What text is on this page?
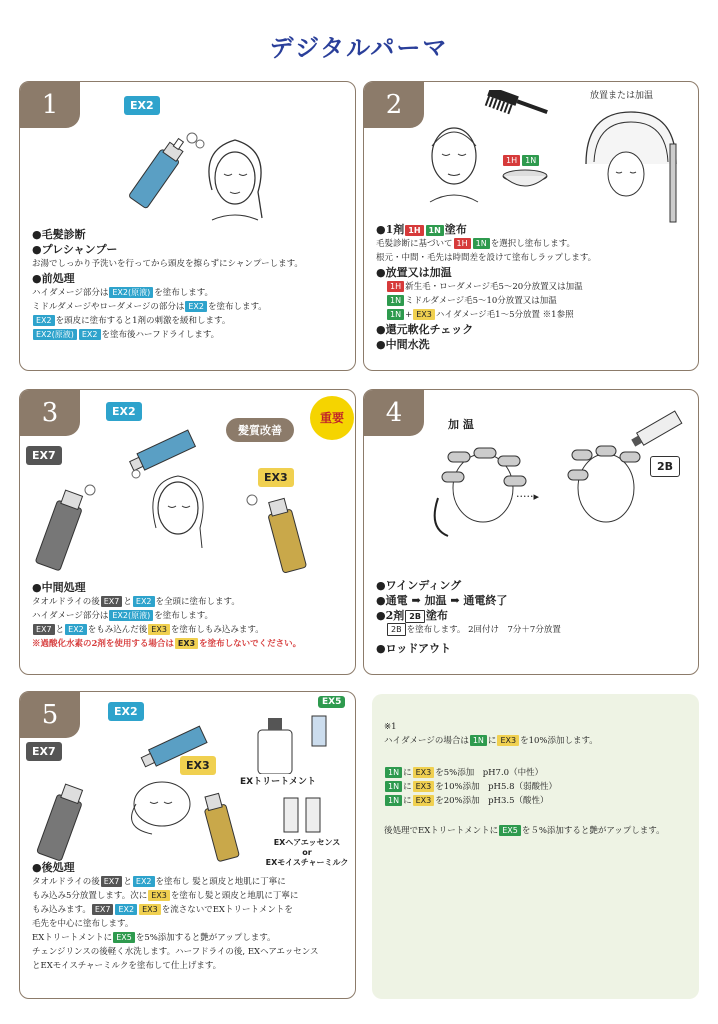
デジタルパーマ
1	EX2
●毛髪診断
●プレシャンプー
お湯でしっかり予洗いを行ってから頭皮を擦らずにシャンプーします。
●前処理
ハイダメージ部分は EX2(原液) を塗布します。
ミドルダメージやローダメージの部分は EX2 を塗布します。
EX2 を頭皮に塗布すると1剤の刺激を緩和します。
EX2(原液) EX2 を塗布後ハーフドライします。
2	放置または加温
1H 1N
●1剤 1H 1N 塗布
毛髪診断に基づいて 1H 1N を選択し塗布します。
根元・中間・毛先は時間差を設けて塗布しラップします。
●放置又は加温
1H 新生毛・ローダメージ毛5〜20分放置又は加温
1N ミドルダメージ毛5〜10分放置又は加温
1N + EX3 ハイダメージ毛1〜5分放置 ※1参照
●還元軟化チェック
●中間水洗
3	EX2
EX7
EX3
髪質改善
重要
●中間処理
タオルドライの後 EX7 と EX2 を全頭に塗布します。
ハイダメージ部分は EX2(原液) を塗布します。
EX7 と EX2 をもみ込んだ後 EX3 を塗布しもみ込みます。
※過酸化水素の2剤を使用する場合は EX3 を塗布しないでください。
4	加 温
·····▸
2B
●ワインディング
●通電 ➡ 加温 ➡ 通電終了
●2剤 2B 塗布
2B を塗布します。 2回付け　7分＋7分放置
●ロッドアウト
5	EX2
EX7
EX3
EX5
EXトリートメント
EXヘアエッセンス
or
EXモイスチャーミルク
●後処理
タオルドライの後 EX7 と EX2 を塗布し 髪と頭皮と地肌に丁寧に
もみ込み5分放置します。次に EX3 を塗布し髪と頭皮と地肌に丁寧に
もみ込みます。 EX7 EX2 EX3 を流さないでEXトリートメントを
毛先を中心に塗布します。
EXトリートメントに EX5 を5%添加すると艶がアップします。
チェンジリンスの後軽く水洗します。ハーフドライの後, EXヘアエッセンス
とEXモイスチャーミルクを塗布して仕上げます。
※1
ハイダメージの場合は 1N に EX3 を10%添加します。
1N に EX3 を5%添加　pH7.0（中性）
1N に EX3 を10%添加　pH5.8（弱酸性）
1N に EX3 を20%添加　pH3.5（酸性）
後処理でEXトリートメントに EX5 を５%添加すると艶がアップします。
